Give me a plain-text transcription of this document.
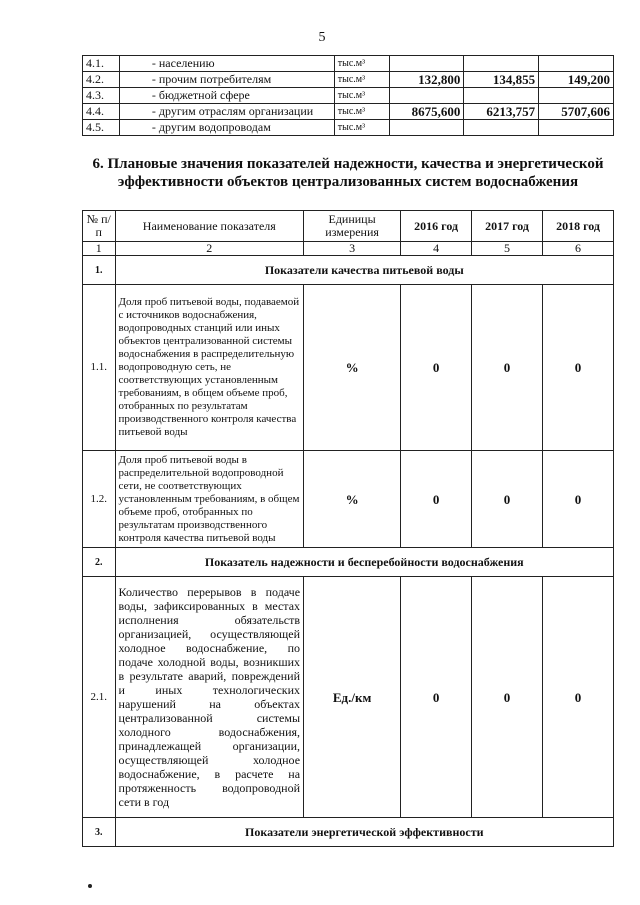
5
4.1.	- населению	тыс.м³			
4.2.	- прочим потребителям	тыс.м³	132,800	134,855	149,200
4.3.	- бюджетной сфере	тыс.м³			
4.4.	- другим отраслям организации	тыс.м³	8675,600	6213,757	5707,606
4.5.	- другим водопроводам	тыс.м³			
6. Плановые значения показателей надежности, качества и энергетической эффективности объектов централизованных систем водоснабжения
№ п/п	Наименование показателя	Единицы измерения	2016 год	2017 год	2018 год
1	2	3	4	5	6
1.	Показатели качества питьевой воды				
1.1.	Доля проб питьевой воды, подаваемой с источников водоснабжения, водопроводных станций или иных объектов централизованной системы водоснабжения в распределительную водопроводную сеть, не соответствующих установленным требованиям, в общем объеме проб, отобранных по результатам производственного контроля качества питьевой воды	%	0	0	0
1.2.	Доля проб питьевой воды в распределительной водопроводной сети, не соответствующих установленным требованиям, в общем объеме проб, отобранных по результатам производственного контроля качества питьевой воды	%	0	0	0
2.	Показатель надежности и бесперебойности водоснабжения				
2.1.	Количество перерывов в подаче воды, зафиксированных в местах исполнения обязательств организацией, осуществляющей холодное водоснабжение, по подаче холодной воды, возникших в результате аварий, повреждений и иных технологических нарушений на объектах централизованной системы холодного водоснабжения, принадлежащей организации, осуществляющей холодное водоснабжение, в расчете на протяженность водопроводной сети в год	Ед./км	0	0	0
3.	Показатели энергетической эффективности				
